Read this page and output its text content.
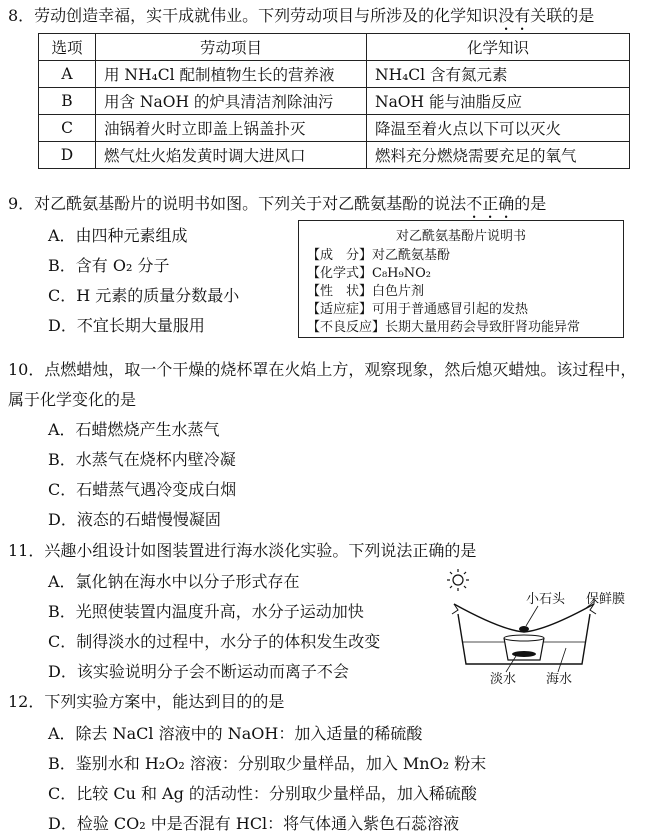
8．劳动创造幸福，实干成就伟业。下列劳动项目与所涉及的化学知识没有关联的是
选项	劳动项目	化学知识
A	用 NH₄Cl 配制植物生长的营养液	NH₄Cl 含有氮元素
B	用含 NaOH 的炉具清洁剂除油污	NaOH 能与油脂反应
C	油锅着火时立即盖上锅盖扑灭	降温至着火点以下可以灭火
D	燃气灶火焰发黄时调大进风口	燃料充分燃烧需要充足的氧气
9．对乙酰氨基酚片的说明书如图。下列关于对乙酰氨基酚的说法不正确的是
A．由四种元素组成
B．含有 O₂ 分子
C．H 元素的质量分数最小
D．不宜长期大量服用
对乙酰氨基酚片说明书
【成　分】对乙酰氨基酚
【化学式】C₈H₉NO₂
【性　状】白色片剂
【适应症】可用于普通感冒引起的发热
【不良反应】长期大量用药会导致肝肾功能异常
10．点燃蜡烛，取一个干燥的烧杯罩在火焰上方，观察现象，然后熄灭蜡烛。该过程中，
属于化学变化的是
A．石蜡燃烧产生水蒸气
B．水蒸气在烧杯内壁冷凝
C．石蜡蒸气遇冷变成白烟
D．液态的石蜡慢慢凝固
11．兴趣小组设计如图装置进行海水淡化实验。下列说法正确的是
A．氯化钠在海水中以分子形式存在
B．光照使装置内温度升高，水分子运动加快
C．制得淡水的过程中，水分子的体积发生改变
D．该实验说明分子会不断运动而离子不会
小石头 保鲜膜
淡水 海水
12．下列实验方案中，能达到目的的是
A．除去 NaCl 溶液中的 NaOH：加入适量的稀硫酸
B．鉴别水和 H₂O₂ 溶液：分别取少量样品，加入 MnO₂ 粉末
C．比较 Cu 和 Ag 的活动性：分别取少量样品，加入稀硫酸
D．检验 CO₂ 中是否混有 HCl：将气体通入紫色石蕊溶液
